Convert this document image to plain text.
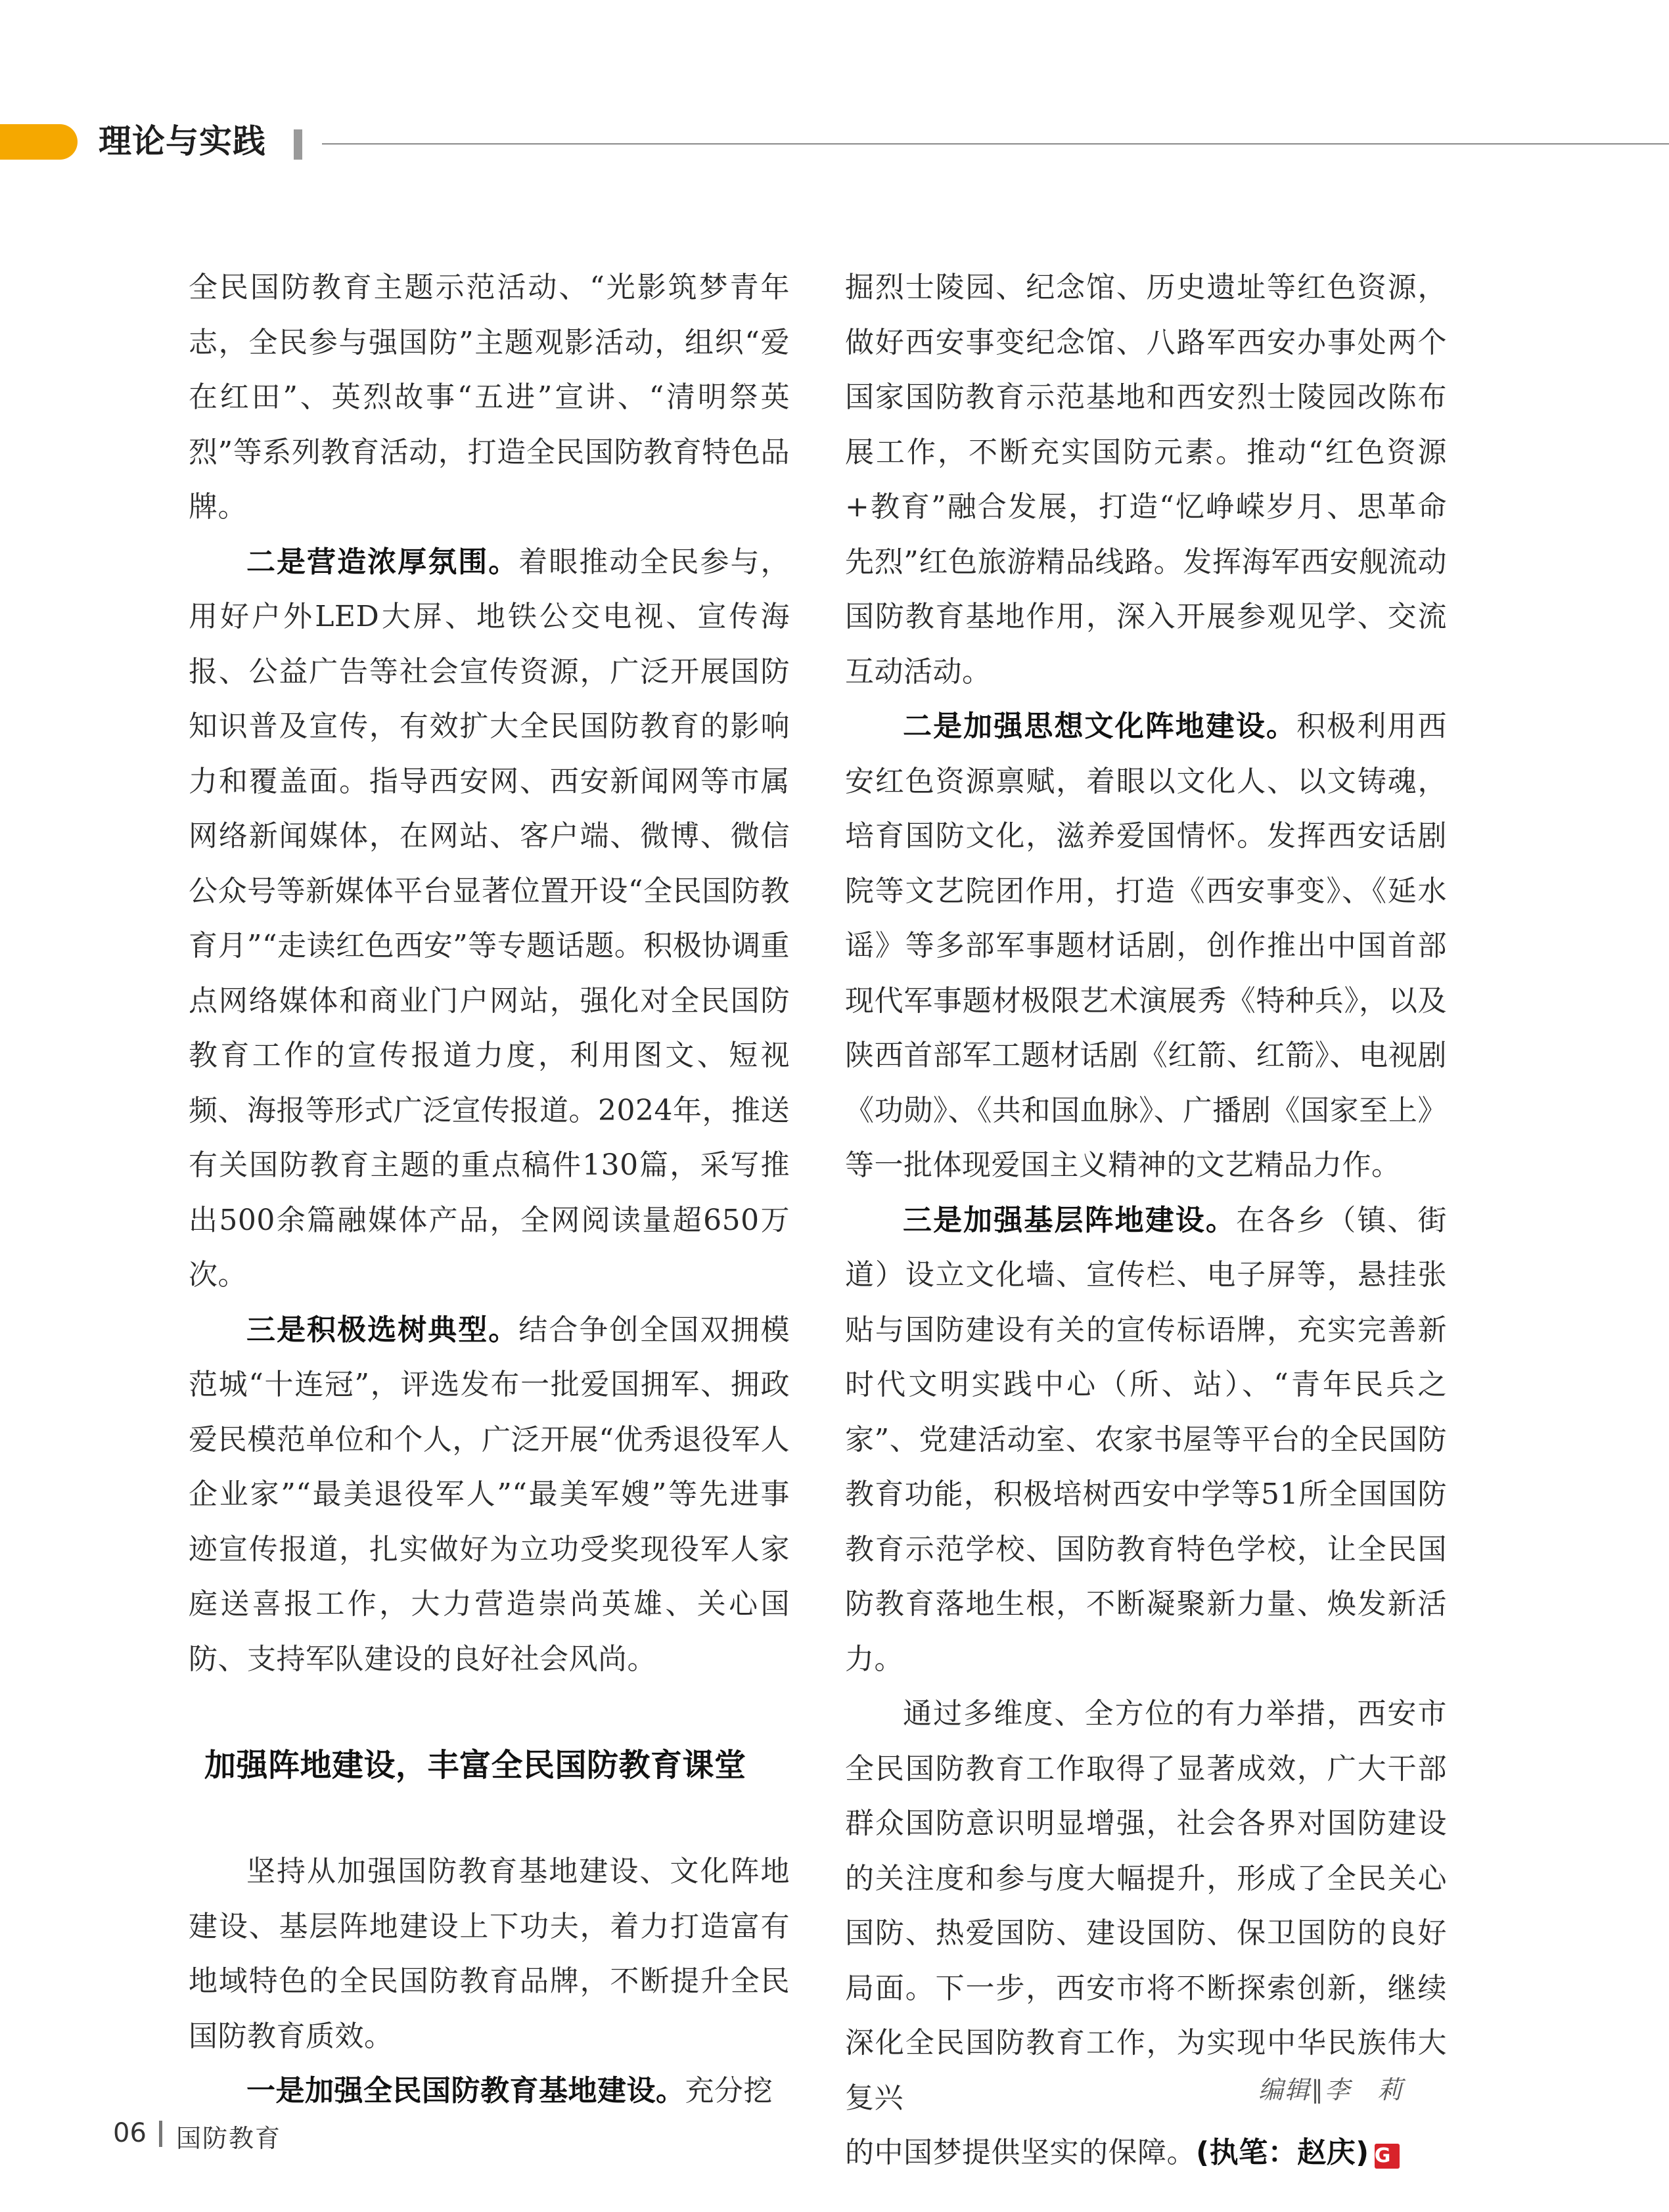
理论与实践

全民国防教育主题示范活动、“光影筑梦青年志，全民参与强国防”主题观影活动，组织“爱在红田”、英烈故事“五进”宣讲、“清明祭英烈”等系列教育活动，打造全民国防教育特色品牌。

二是营造浓厚氛围。着眼推动全民参与，用好户外LED大屏、地铁公交电视、宣传海报、公益广告等社会宣传资源，广泛开展国防知识普及宣传，有效扩大全民国防教育的影响力和覆盖面。指导西安网、西安新闻网等市属网络新闻媒体，在网站、客户端、微博、微信公众号等新媒体平台显著位置开设“全民国防教育月”“走读红色西安”等专题话题。积极协调重点网络媒体和商业门户网站，强化对全民国防教育工作的宣传报道力度，利用图文、短视频、海报等形式广泛宣传报道。2024年，推送有关国防教育主题的重点稿件130篇，采写推出500余篇融媒体产品，全网阅读量超650万次。

三是积极选树典型。结合争创全国双拥模范城“十连冠”，评选发布一批爱国拥军、拥政爱民模范单位和个人，广泛开展“优秀退役军人企业家”“最美退役军人”“最美军嫂”等先进事迹宣传报道，扎实做好为立功受奖现役军人家庭送喜报工作，大力营造崇尚英雄、关心国防、支持军队建设的良好社会风尚。

加强阵地建设，丰富全民国防教育课堂

坚持从加强国防教育基地建设、文化阵地建设、基层阵地建设上下功夫，着力打造富有地域特色的全民国防教育品牌，不断提升全民国防教育质效。

一是加强全民国防教育基地建设。充分挖

掘烈士陵园、纪念馆、历史遗址等红色资源，做好西安事变纪念馆、八路军西安办事处两个国家国防教育示范基地和西安烈士陵园改陈布展工作，不断充实国防元素。推动“红色资源+教育”融合发展，打造“忆峥嵘岁月、思革命先烈”红色旅游精品线路。发挥海军西安舰流动国防教育基地作用，深入开展参观见学、交流互动活动。

二是加强思想文化阵地建设。积极利用西安红色资源禀赋，着眼以文化人、以文铸魂，培育国防文化，滋养爱国情怀。发挥西安话剧院等文艺院团作用，打造《西安事变》、《延水谣》等多部军事题材话剧，创作推出中国首部现代军事题材极限艺术演展秀《特种兵》，以及陕西首部军工题材话剧《红箭、红箭》、电视剧《功勋》、《共和国血脉》、广播剧《国家至上》等一批体现爱国主义精神的文艺精品力作。

三是加强基层阵地建设。在各乡（镇、街道）设立文化墙、宣传栏、电子屏等，悬挂张贴与国防建设有关的宣传标语牌，充实完善新时代文明实践中心（所、站）、“青年民兵之家”、党建活动室、农家书屋等平台的全民国防教育功能，积极培树西安中学等51所全国国防教育示范学校、国防教育特色学校，让全民国防教育落地生根，不断凝聚新力量、焕发新活力。

通过多维度、全方位的有力举措，西安市全民国防教育工作取得了显著成效，广大干部群众国防意识明显增强，社会各界对国防建设的关注度和参与度大幅提升，形成了全民关心国防、热爱国防、建设国防、保卫国防的良好局面。下一步，西安市将不断探索创新，继续深化全民国防教育工作，为实现中华民族伟大复兴

的中国梦提供坚实的保障。(执笔：赵庆) G

编辑∥李　莉
06 国防教育
